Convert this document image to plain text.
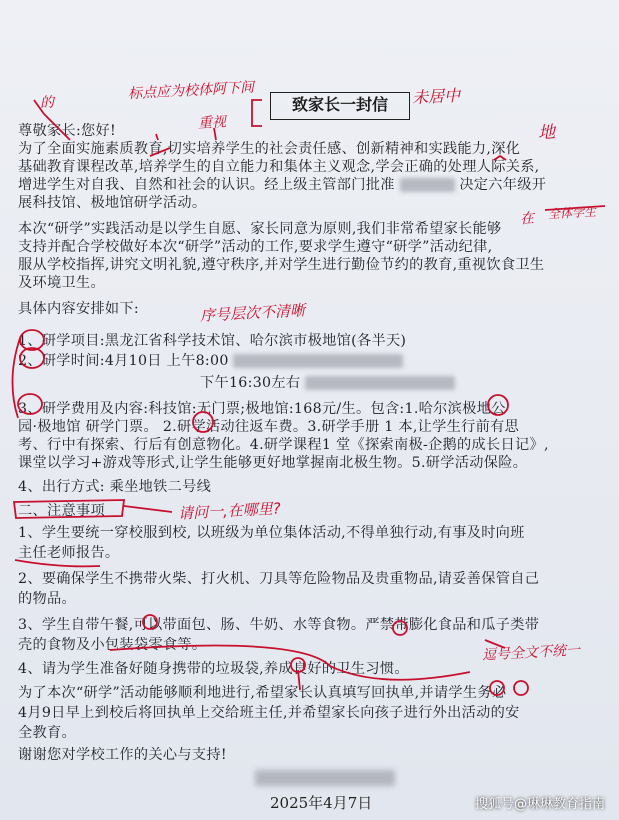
致家长一封信
尊敬家长:您好!
为了全面实施素质教育,切实培养学生的社会责任感、创新精神和实践能力,深化
基础教育课程改革,培养学生的自立能力和集体主义观念,学会正确的处理人际关系,
增进学生对自我、自然和社会的认识。经上级主管部门批准	决定六年级开
展科技馆、极地馆研学活动。
本次“研学”实践活动是以学生自愿、家长同意为原则,我们非常希望家长能够
支持并配合学校做好本次“研学”活动的工作,要求学生遵守“研学”活动纪律,
服从学校指挥,讲究文明礼貌,遵守秩序,并对学生进行勤俭节约的教育,重视饮食卫生
及环境卫生。
具体内容安排如下:
1、研学项目:黑龙江省科学技术馆、哈尔滨市极地馆(各半天)
2、研学时间:4月10日 上午8:00
下午16:30左右
3、研学费用及内容:科技馆:无门票;极地馆:168元/生。包含:1.哈尔滨极地公
园·极地馆 研学门票。 2.研学活动往返车费。3.研学手册 1 本,让学生行前有思
考、行中有探索、行后有创意物化。4.研学课程1 堂《探索南极-企鹅的成长日记》,
课堂以学习+游戏等形式,让学生能够更好地掌握南北极生物。5.研学活动保险。
4、出行方式: 乘坐地铁二号线
二、注意事项
1、学生要统一穿校服到校, 以班级为单位集体活动,不得单独行动,有事及时向班
主任老师报告。
2、要确保学生不携带火柴、打火机、刀具等危险物品及贵重物品,请妥善保管自己
的物品。
3、学生自带午餐,可以带面包、肠、牛奶、水等食物。严禁带膨化食品和瓜子类带
壳的食物及小包装袋零食等。
4、请为学生准备好随身携带的垃圾袋,养成良好的卫生习惯。
为了本次“研学”活动能够顺利地进行,希望家长认真填写回执单,并请学生务必
4月9日早上到校后将回执单上交给班主任,并希望家长向孩子进行外出活动的安
全教育。
谢谢您对学校工作的关心与支持!
2025年4月7日
的
标点应为校体阿下间	未居中
重视	地
在 全体学生
序号层次不清晰
请问一,在哪里?
逗号全文不统一
搜狐号@琳琳教育指南
